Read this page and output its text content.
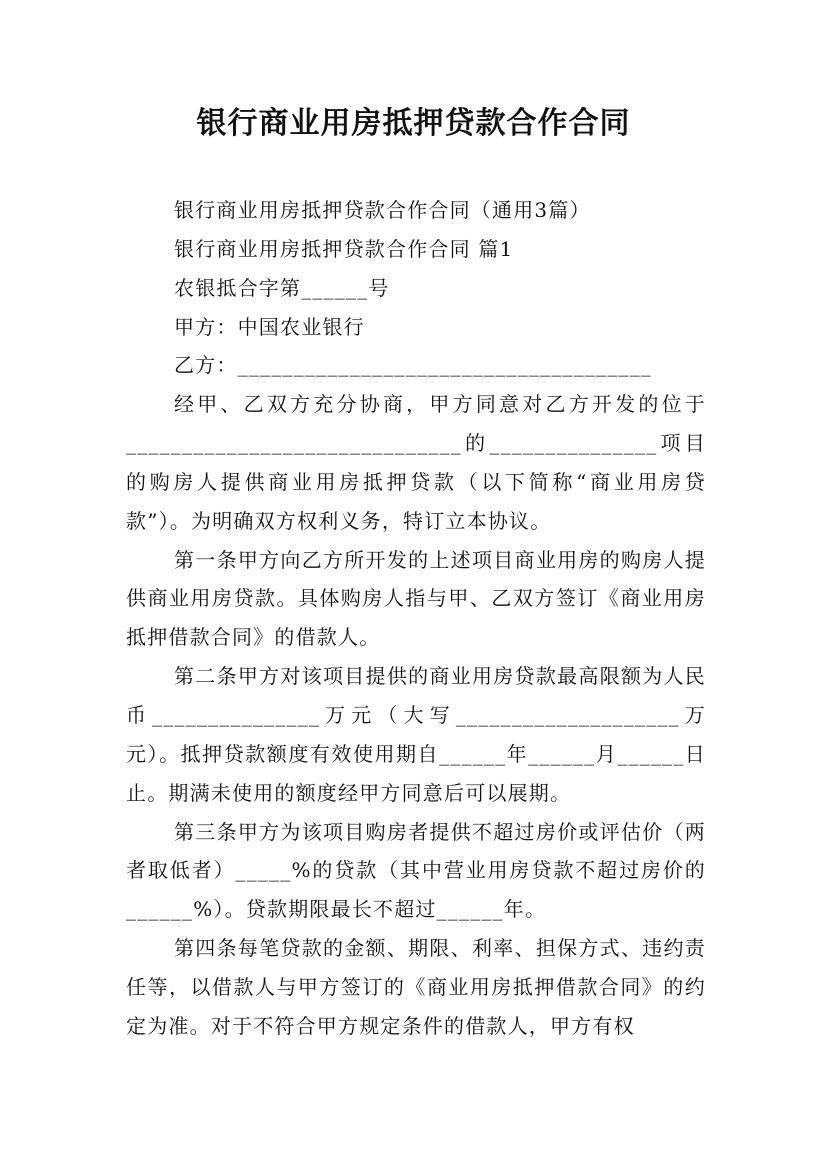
银行商业用房抵押贷款合作合同

银行商业用房抵押贷款合作合同（通用3篇）

银行商业用房抵押贷款合作合同 篇1

农银抵合字第______号

甲方：中国农业银行

乙方：_____________________________________

经甲、乙双方充分协商，甲方同意对乙方开发的位于______________________________的_______________项目的购房人提供商业用房抵押贷款（以下简称“商业用房贷款”）。为明确双方权利义务，特订立本协议。

第一条甲方向乙方所开发的上述项目商业用房的购房人提供商业用房贷款。具体购房人指与甲、乙双方签订《商业用房抵押借款合同》的借款人。

第二条甲方对该项目提供的商业用房贷款最高限额为人民币_______________万元（大写____________________万元）。抵押贷款额度有效使用期自______年______月______日止。期满未使用的额度经甲方同意后可以展期。

第三条甲方为该项目购房者提供不超过房价或评估价（两者取低者）_____%的贷款（其中营业用房贷款不超过房价的______%）。贷款期限最长不超过______年。

第四条每笔贷款的金额、期限、利率、担保方式、违约责任等，以借款人与甲方签订的《商业用房抵押借款合同》的约定为准。对于不符合甲方规定条件的借款人，甲方有权
